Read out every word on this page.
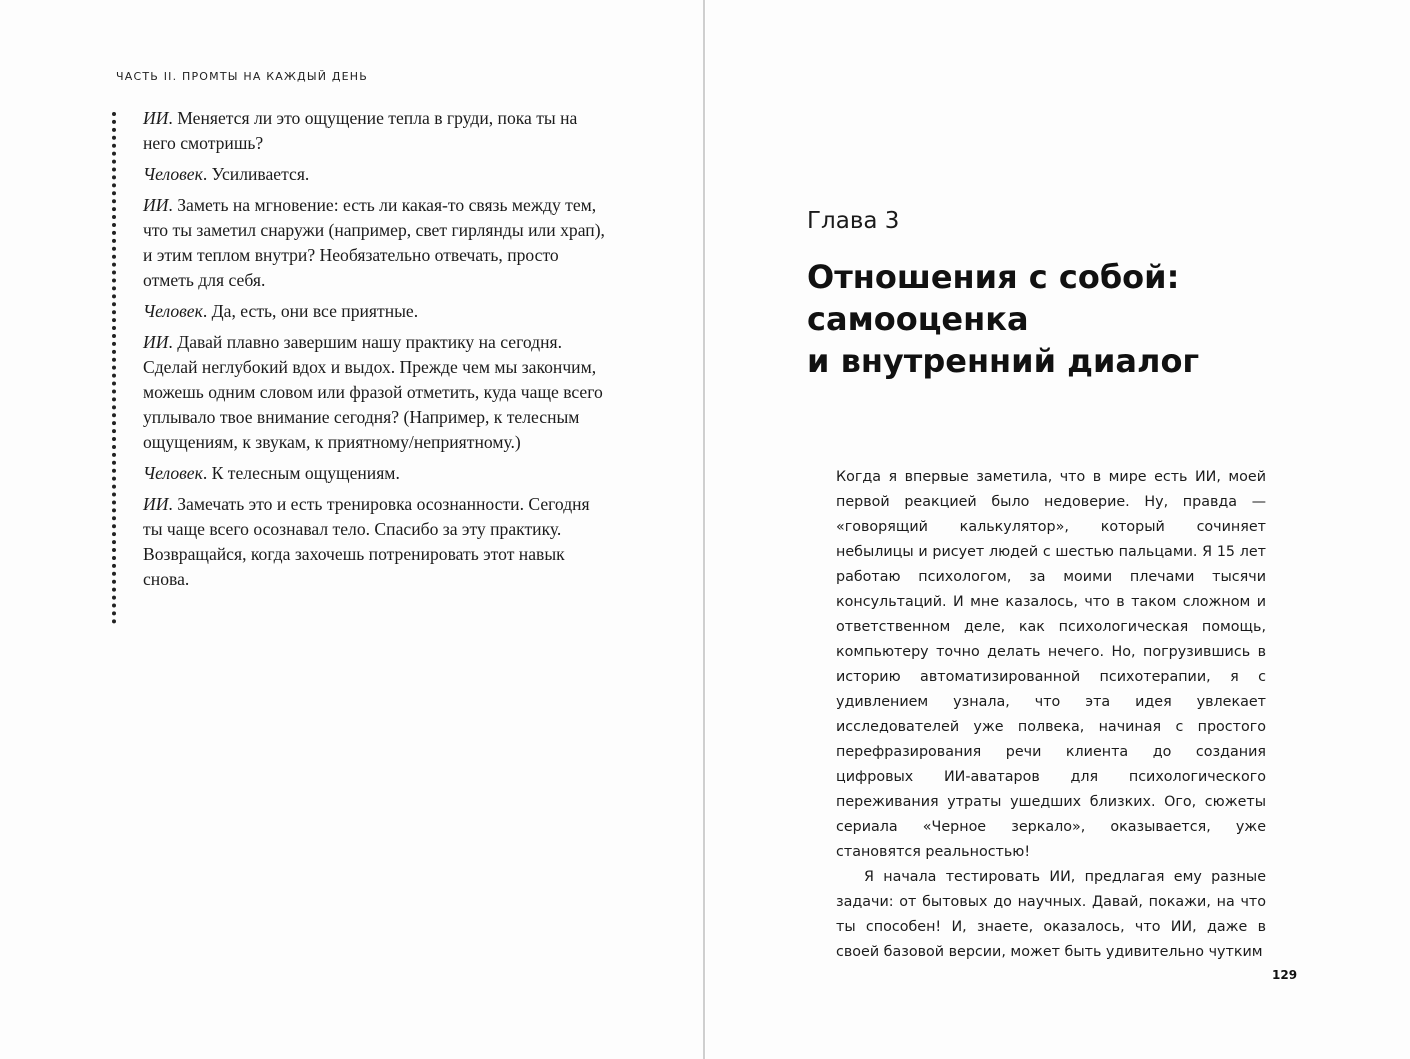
ЧАСТЬ II. ПРОМТЫ НА КАЖДЫЙ ДЕНЬ

ИИ. Меняется ли это ощущение тепла в груди, пока ты на него смотришь?

Человек. Усиливается.

ИИ. Заметь на мгновение: есть ли какая-то связь между тем, что ты заметил снаружи (например, свет гирлянды или храп), и этим теплом внутри? Необязательно отвечать, просто отметь для себя.

Человек. Да, есть, они все приятные.

ИИ. Давай плавно завершим нашу практику на сегодня. Сделай неглубокий вдох и выдох. Прежде чем мы закончим, можешь одним словом или фразой отметить, куда чаще всего уплывало твое внимание сегодня? (Например, к телесным ощущениям, к звукам, к приятному/неприятному.)

Человек. К телесным ощущениям.

ИИ. Замечать это и есть тренировка осознанности. Сегодня ты чаще всего осознавал тело. Спасибо за эту практику. Возвращайся, когда захочешь потренировать этот навык снова.

Глава 3
Отношения с собой:
самооценка
и внутренний диалог

Когда я впервые заметила, что в мире есть ИИ, моей первой реакцией было недоверие. Ну, правда — «говорящий калькулятор», который сочиняет небылицы и рисует людей с шестью пальцами. Я 15 лет работаю психологом, за моими плечами тысячи консультаций. И мне казалось, что в таком сложном и ответственном деле, как психологическая помощь, компьютеру точно делать нечего. Но, погрузившись в историю автоматизированной психотерапии, я с удивлением узнала, что эта идея увлекает исследователей уже полвека, начиная с простого перефразирования речи клиента до создания цифровых ИИ-аватаров для психологического переживания утраты ушедших близких. Ого, сюжеты сериала «Черное зеркало», оказывается, уже становятся реальностью!

Я начала тестировать ИИ, предлагая ему разные задачи: от бытовых до научных. Давай, покажи, на что ты способен! И, знаете, оказалось, что ИИ, даже в своей базовой версии, может быть удивительно чутким

129
